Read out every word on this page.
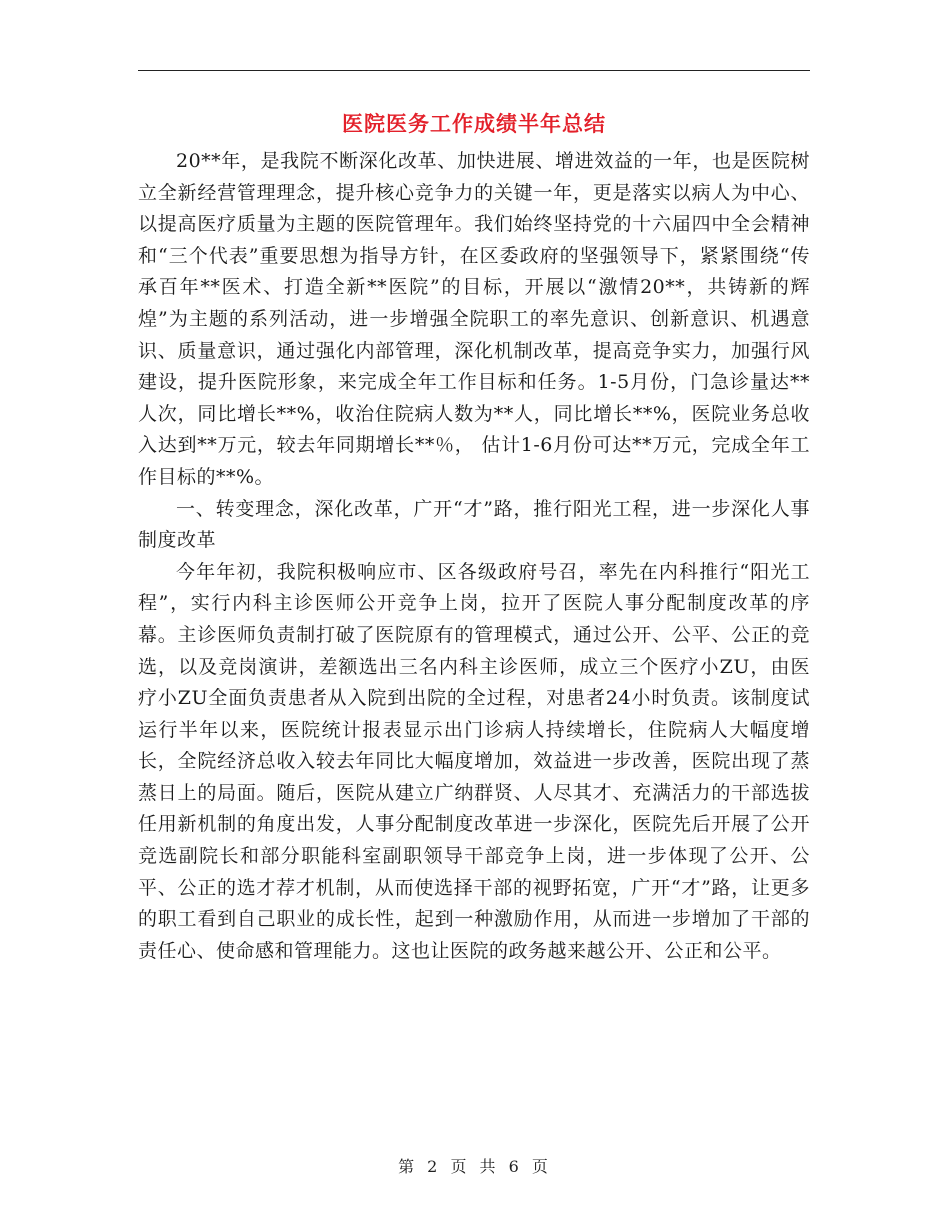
医院医务工作成绩半年总结

20**年，是我院不断深化改革、加快进展、增进效益的一年，也是医院树立全新经营管理理念，提升核心竞争力的关键一年，更是落实以病人为中心、以提高医疗质量为主题的医院管理年。我们始终坚持党的十六届四中全会精神和“三个代表”重要思想为指导方针，在区委政府的坚强领导下，紧紧围绕“传承百年**医术、打造全新**医院”的目标，开展以“激情20**，共铸新的辉煌”为主题的系列活动，进一步增强全院职工的率先意识、创新意识、机遇意识、质量意识，通过强化内部管理，深化机制改革，提高竞争实力，加强行风建设，提升医院形象，来完成全年工作目标和任务。1-5月份，门急诊量达**人次，同比增长**%，收治住院病人数为**人，同比增长**%，医院业务总收入达到**万元，较去年同期增长**％， 估计1-6月份可达**万元，完成全年工作目标的**%。

一、转变理念，深化改革，广开“才”路，推行阳光工程，进一步深化人事制度改革

今年年初，我院积极响应市、区各级政府号召，率先在内科推行“阳光工程”，实行内科主诊医师公开竞争上岗，拉开了医院人事分配制度改革的序幕。主诊医师负责制打破了医院原有的管理模式，通过公开、公平、公正的竞选，以及竞岗演讲，差额选出三名内科主诊医师，成立三个医疗小ZU，由医疗小ZU全面负责患者从入院到出院的全过程，对患者24小时负责。该制度试运行半年以来，医院统计报表显示出门诊病人持续增长，住院病人大幅度增长，全院经济总收入较去年同比大幅度增加，效益进一步改善，医院出现了蒸蒸日上的局面。随后，医院从建立广纳群贤、人尽其才、充满活力的干部选拔任用新机制的角度出发，人事分配制度改革进一步深化，医院先后开展了公开竞选副院长和部分职能科室副职领导干部竞争上岗，进一步体现了公开、公平、公正的选才荐才机制，从而使选择干部的视野拓宽，广开“才”路，让更多的职工看到自己职业的成长性，起到一种激励作用，从而进一步增加了干部的责任心、使命感和管理能力。这也让医院的政务越来越公开、公正和公平。

第 2 页 共 6 页
